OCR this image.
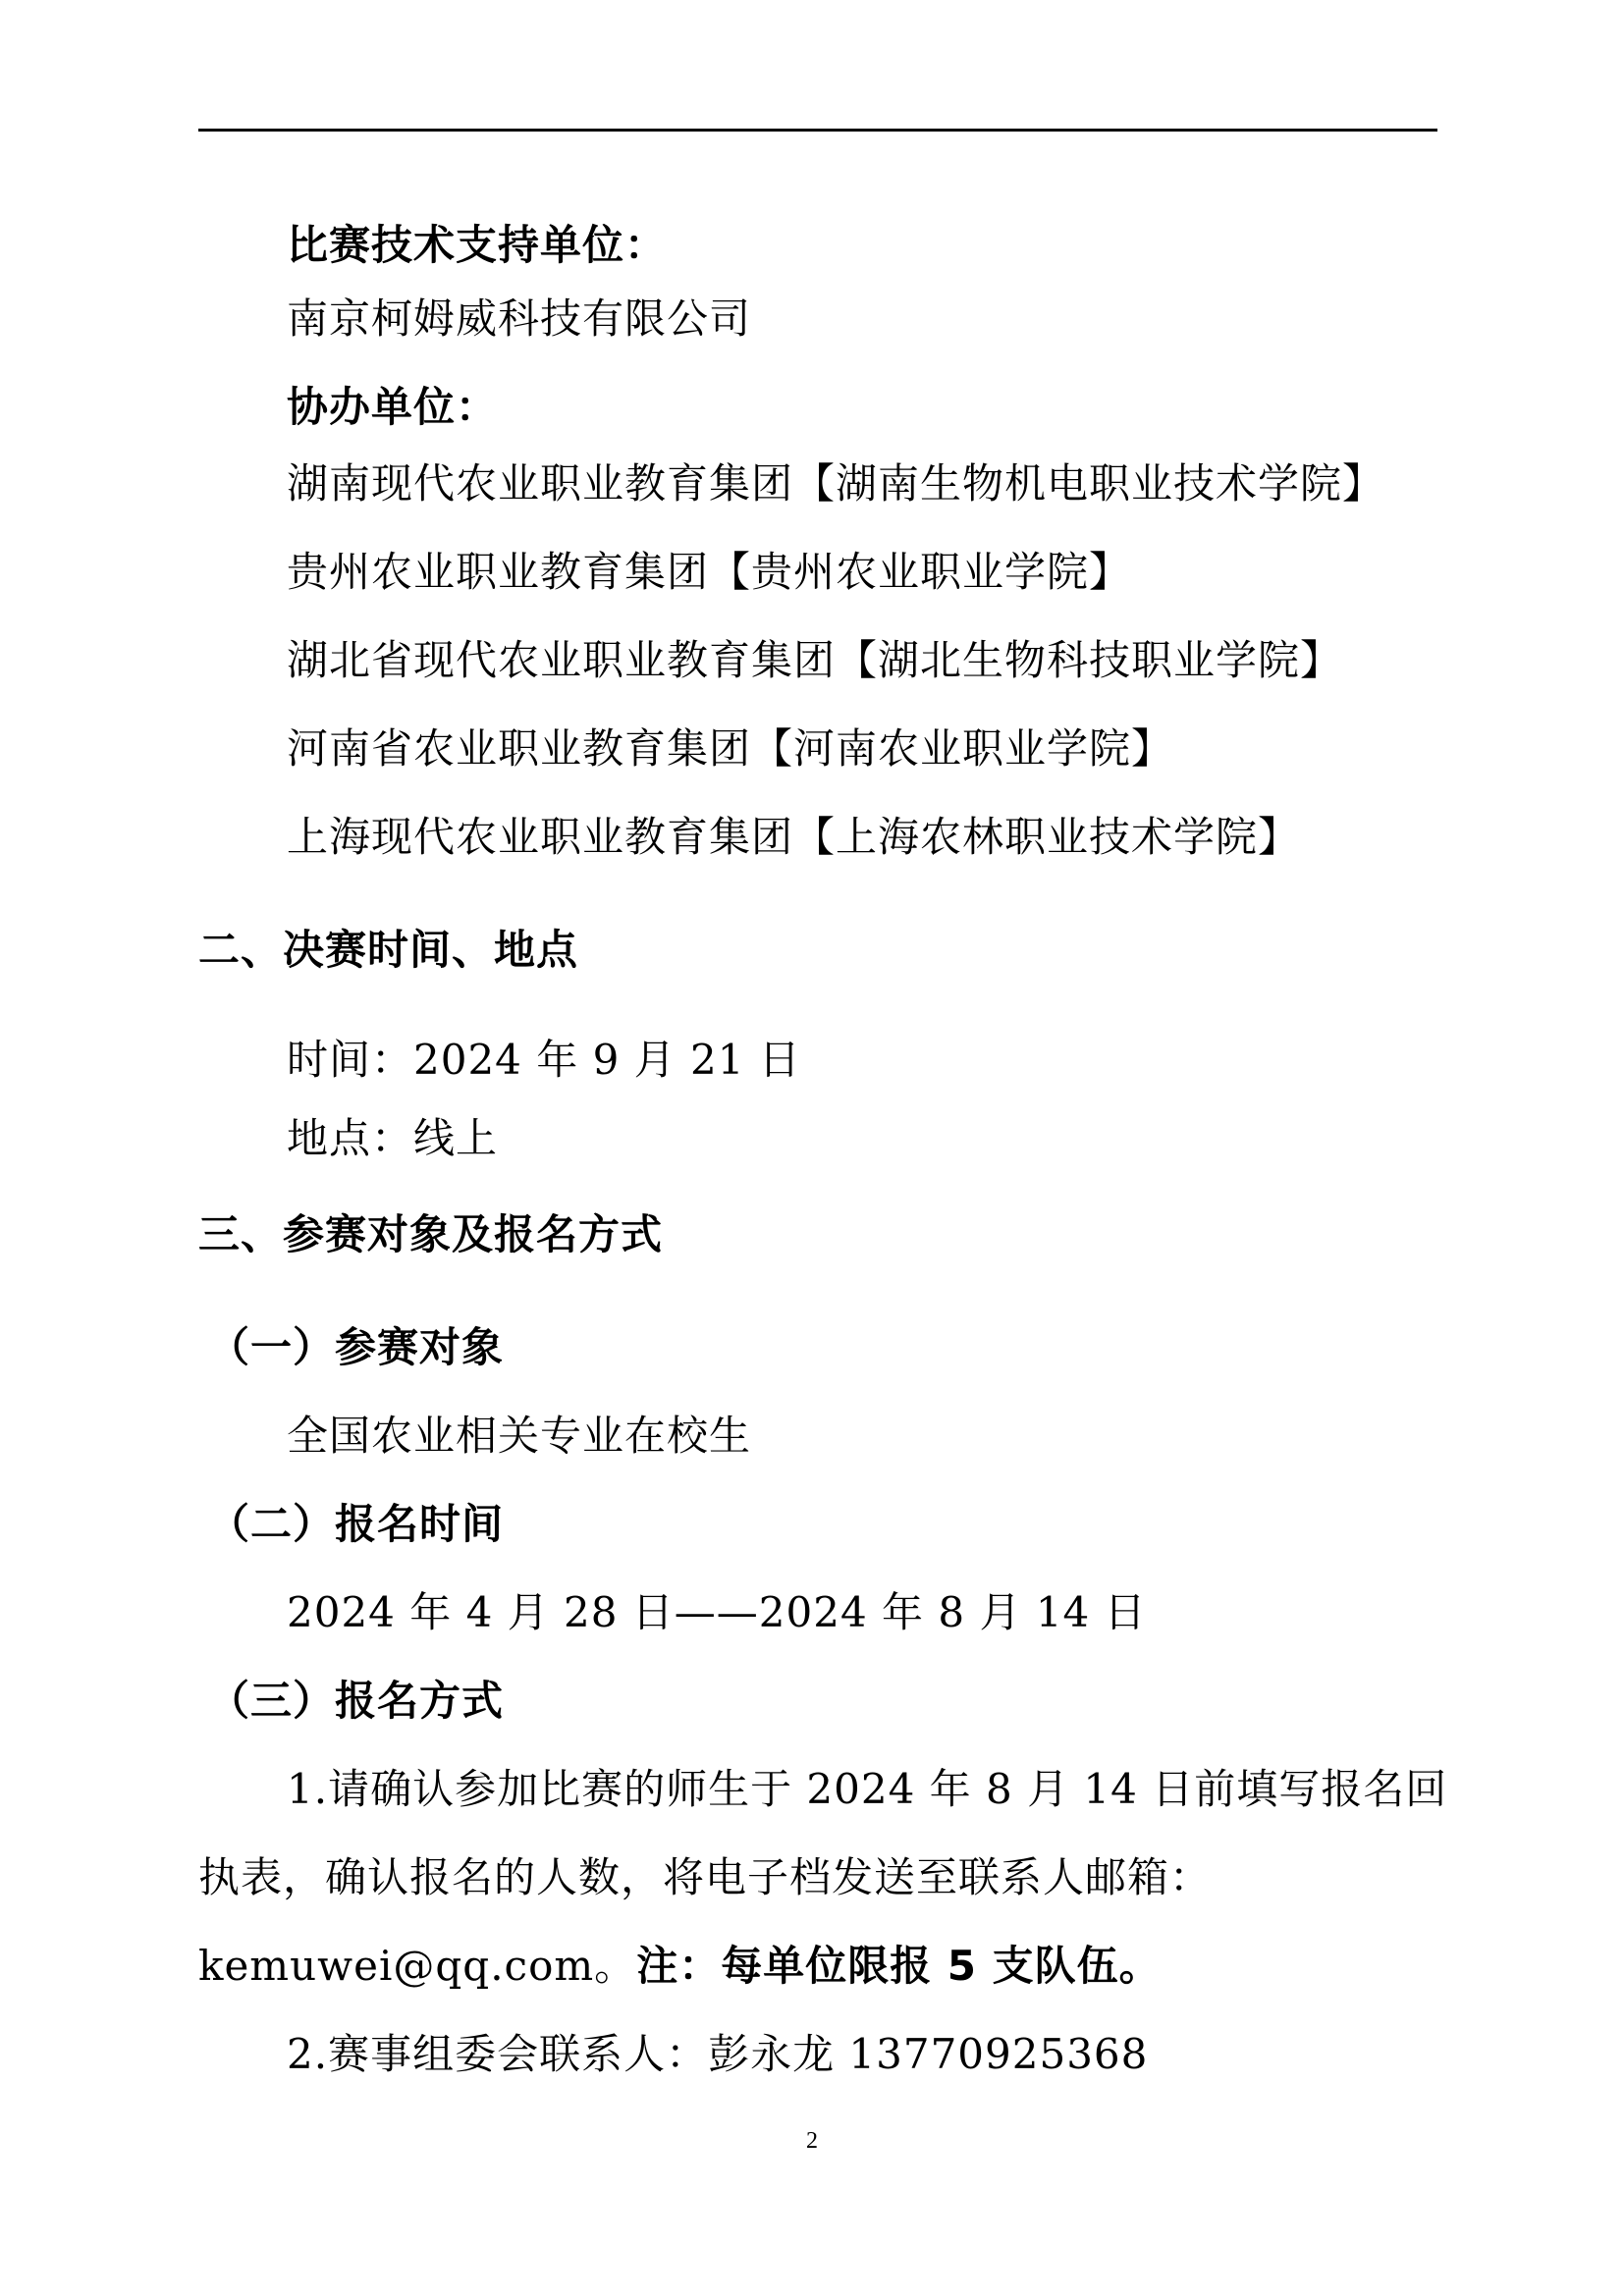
比赛技术支持单位：
南京柯姆威科技有限公司
协办单位：
湖南现代农业职业教育集团【湖南生物机电职业技术学院】
贵州农业职业教育集团【贵州农业职业学院】
湖北省现代农业职业教育集团【湖北生物科技职业学院】
河南省农业职业教育集团【河南农业职业学院】
上海现代农业职业教育集团【上海农林职业技术学院】
二、决赛时间、地点
时间：2024 年 9 月 21 日
地点：线上
三、参赛对象及报名方式
（一）参赛对象
全国农业相关专业在校生
（二）报名时间
2024 年 4 月 28 日——2024 年 8 月 14 日
（三）报名方式
1.请确认参加比赛的师生于 2024 年 8 月 14 日前填写报名回
执表，确认报名的人数，将电子档发送至联系人邮箱：
kemuwei@qq.com。注：每单位限报 5 支队伍。
2.赛事组委会联系人：彭永龙 13770925368
2
